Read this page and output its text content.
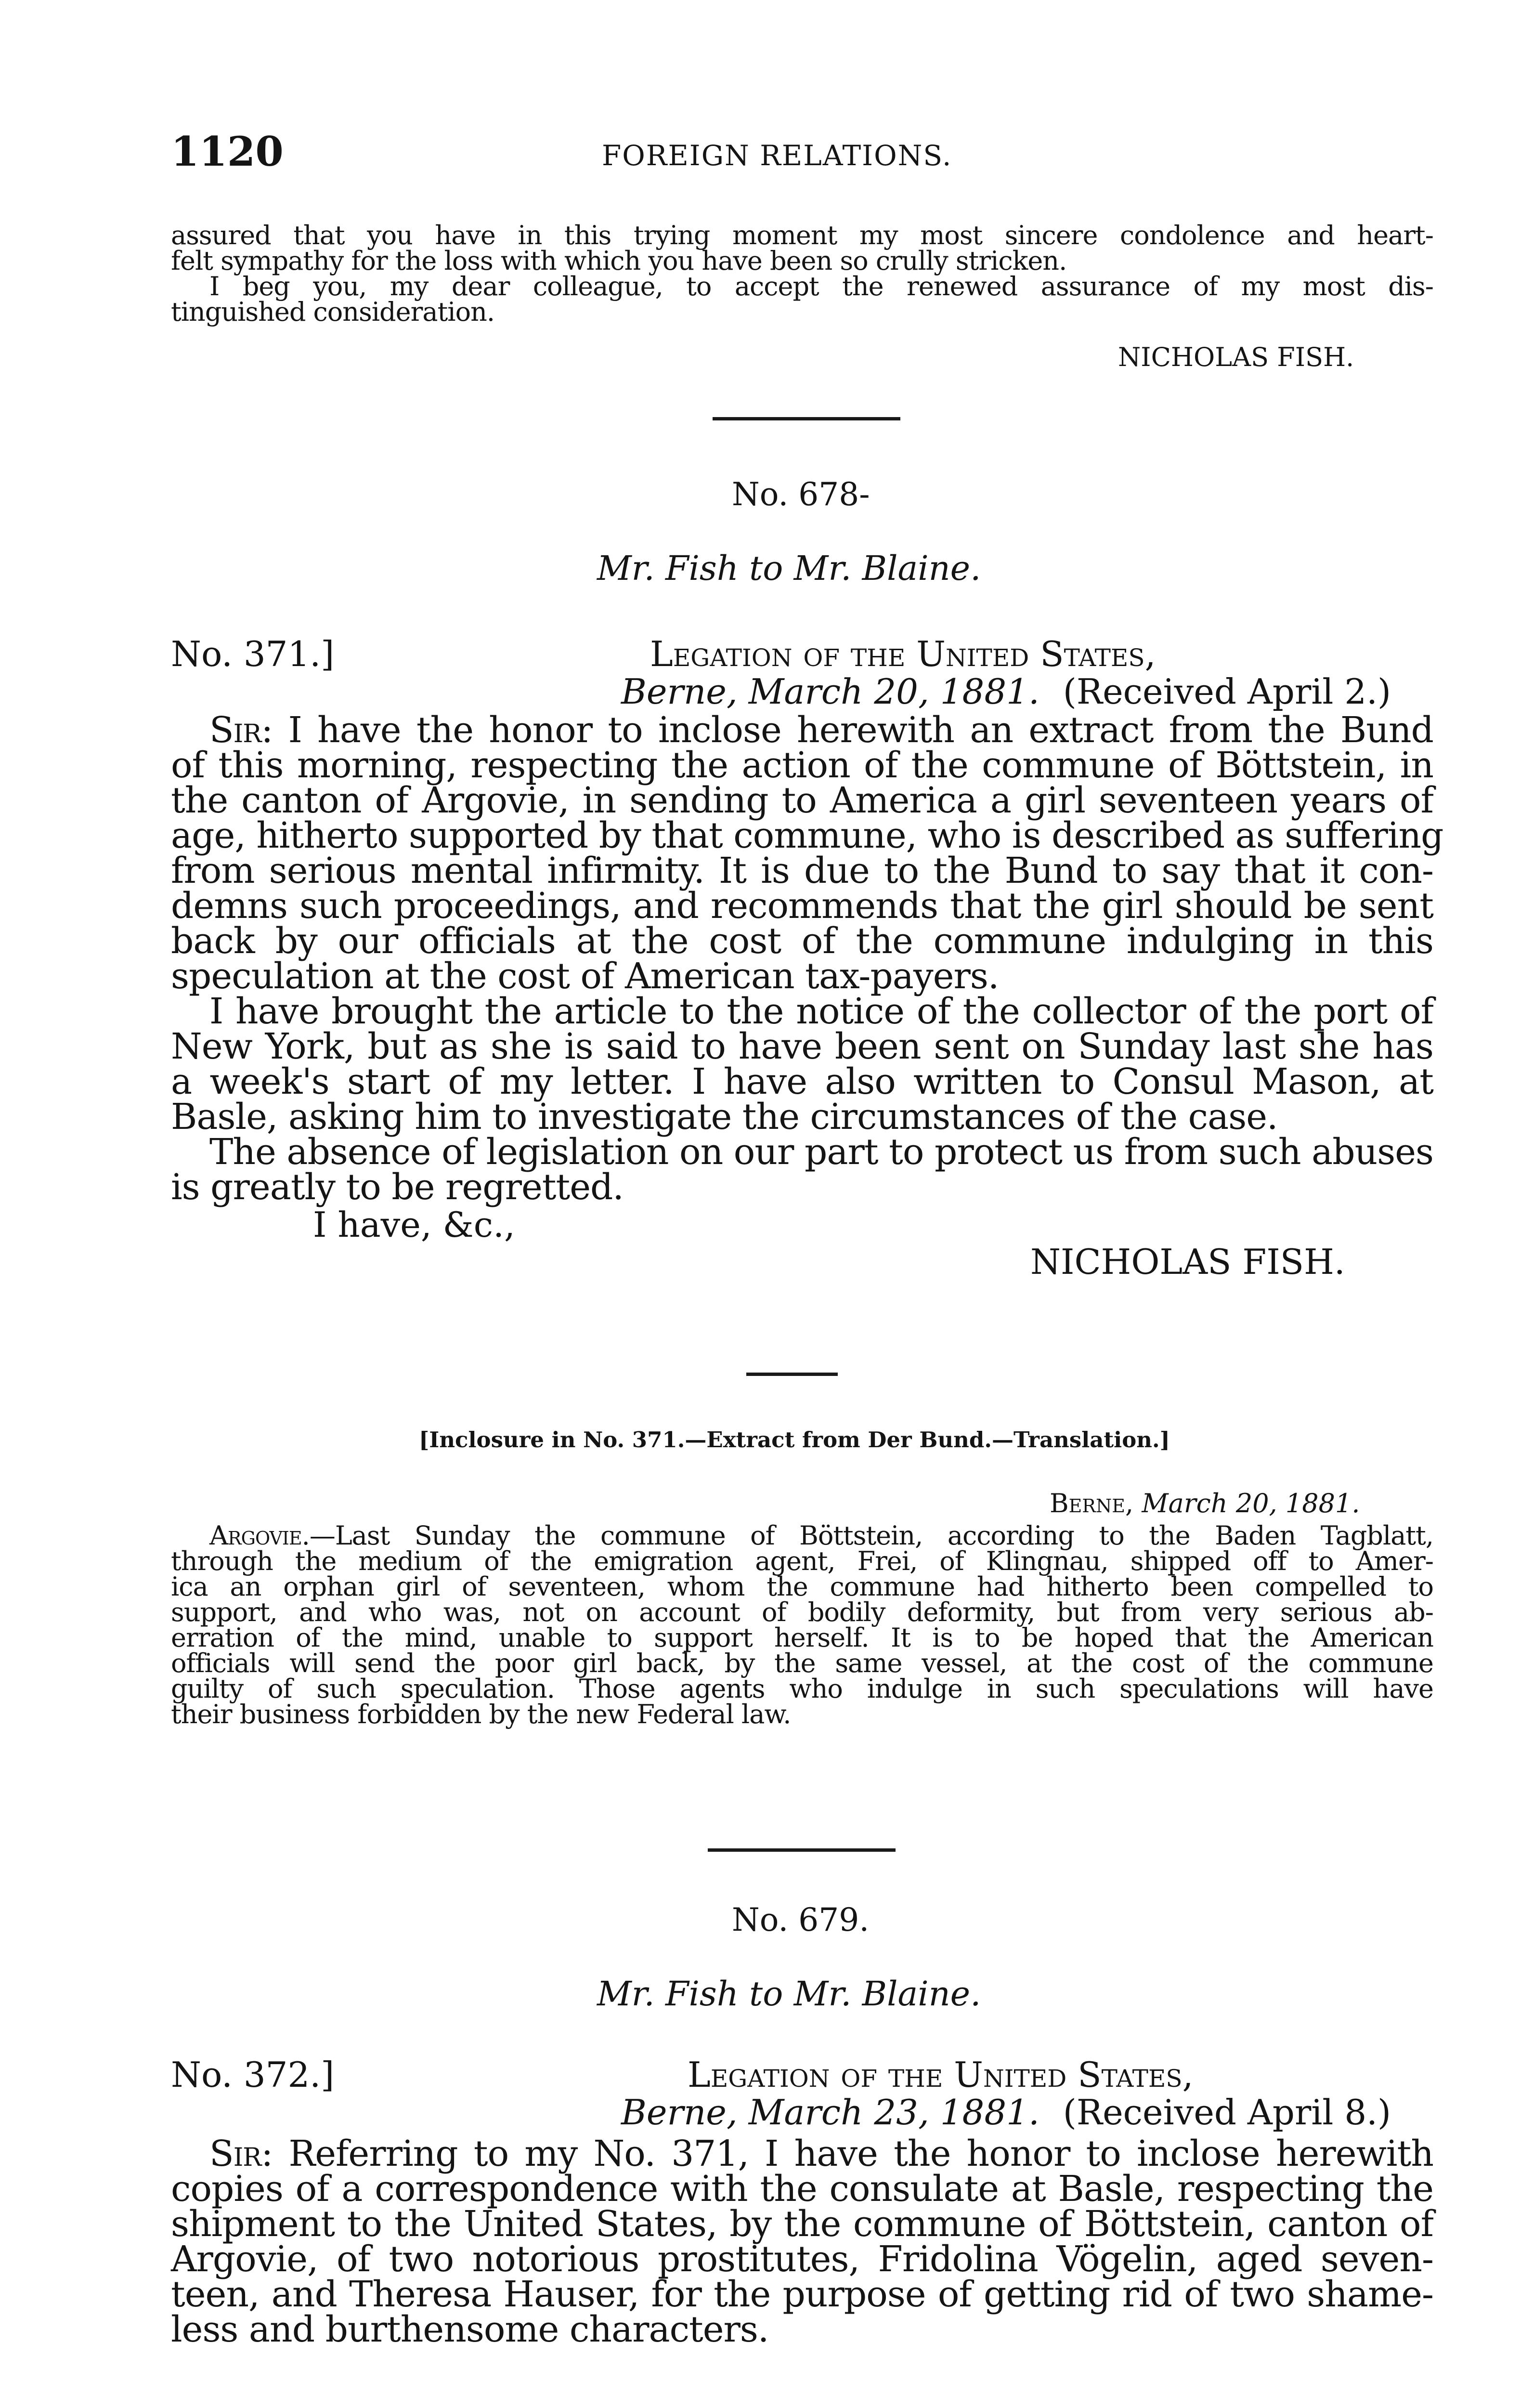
1120	FOREIGN RELATIONS.
assured that you have in this trying moment my most sincere condolence and heart-
felt sympathy for the loss with which you have been so crully stricken.
I beg you, my dear colleague, to accept the renewed assurance of my most dis-
tinguished consideration.
NICHOLAS FISH.
No. 678-
Mr. Fish to Mr. Blaine.
No. 371.]	Legation of the United States,
Berne, March 20, 1881. (Received April 2.)
Sir: I have the honor to inclose herewith an extract from the Bund
of this morning, respecting the action of the commune of Böttstein, in
the canton of Argovie, in sending to America a girl seventeen years of
age, hitherto supported by that commune, who is described as suffering
from serious mental infirmity. It is due to the Bund to say that it con-
demns such proceedings, and recommends that the girl should be sent
back by our officials at the cost of the commune indulging in this
speculation at the cost of American tax-payers.
I have brought the article to the notice of the collector of the port of
New York, but as she is said to have been sent on Sunday last she has
a week's start of my letter. I have also written to Consul Mason, at
Basle, asking him to investigate the circumstances of the case.
The absence of legislation on our part to protect us from such abuses
is greatly to be regretted.
I have, &c.,
NICHOLAS FISH.
[Inclosure in No. 371.—Extract from Der Bund.—Translation.]
Berne, March 20, 1881.
Argovie.—Last Sunday the commune of Böttstein, according to the Baden Tagblatt,
through the medium of the emigration agent, Frei, of Klingnau, shipped off to Amer-
ica an orphan girl of seventeen, whom the commune had hitherto been compelled to
support, and who was, not on account of bodily deformity, but from very serious ab-
erration of the mind, unable to support herself. It is to be hoped that the American
officials will send the poor girl back, by the same vessel, at the cost of the commune
guilty of such speculation. Those agents who indulge in such speculations will have
their business forbidden by the new Federal law.
No. 679.
Mr. Fish to Mr. Blaine.
No. 372.]	Legation of the United States,
Berne, March 23, 1881. (Received April 8.)
Sir: Referring to my No. 371, I have the honor to inclose herewith
copies of a correspondence with the consulate at Basle, respecting the
shipment to the United States, by the commune of Böttstein, canton of
Argovie, of two notorious prostitutes, Fridolina Vögelin, aged seven-
teen, and Theresa Hauser, for the purpose of getting rid of two shame-
less and burthensome characters.
